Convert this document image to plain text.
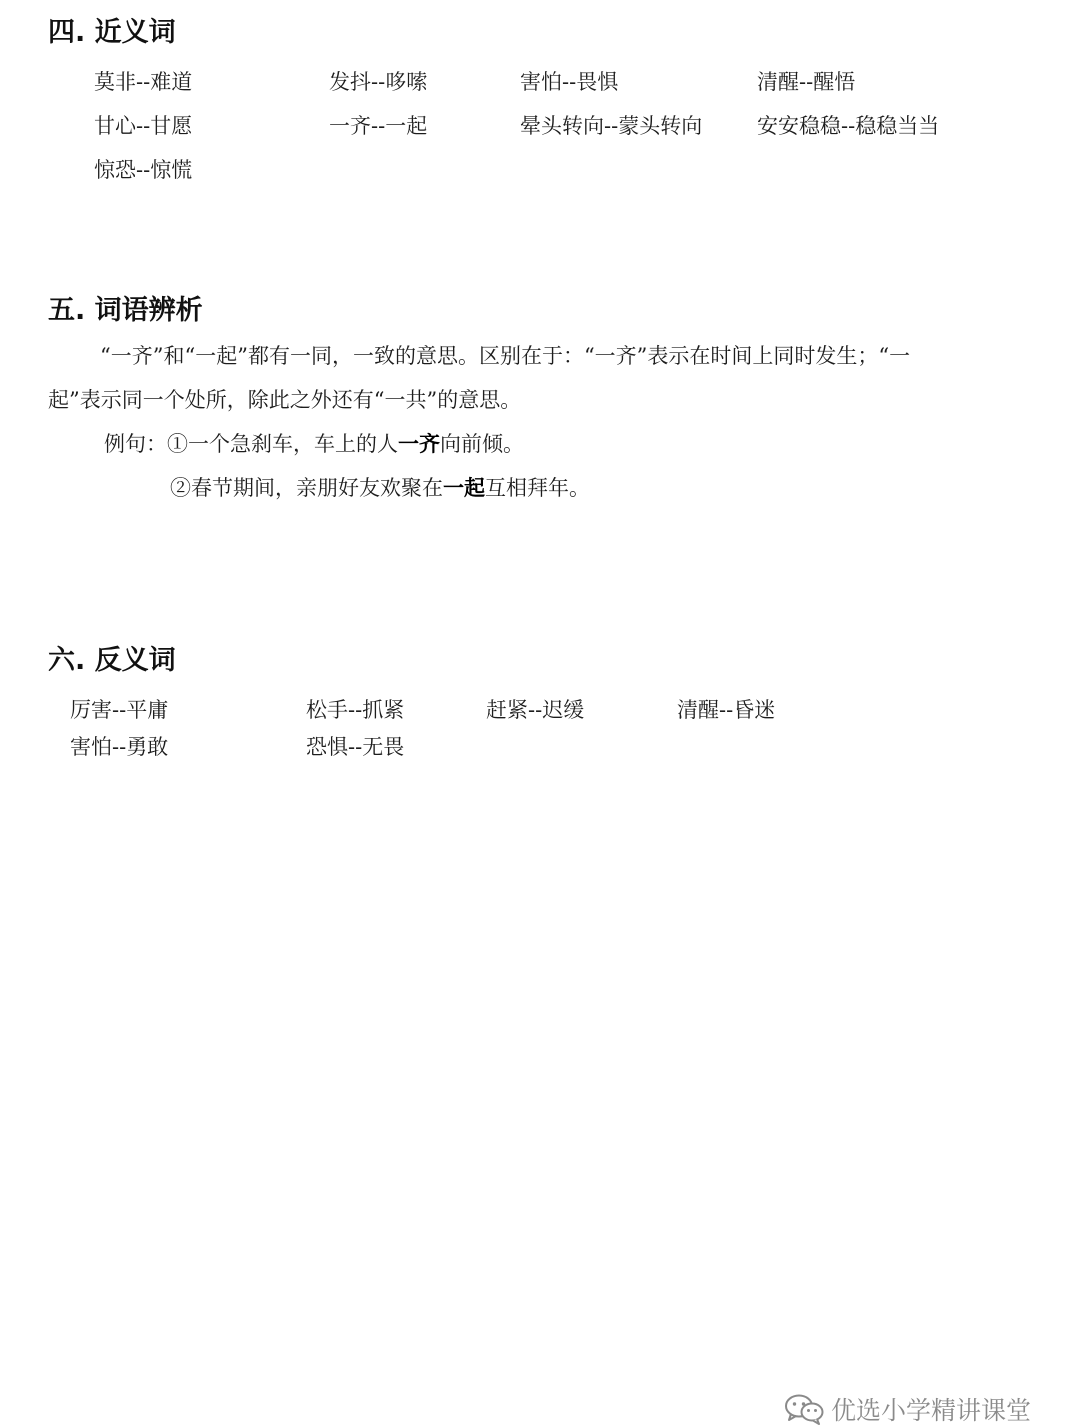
四. 近义词
莫非--难道	发抖--哆嗦	害怕--畏惧	清醒--醒悟
甘心--甘愿	一齐--一起	晕头转向--蒙头转向	安安稳稳--稳稳当当
惊恐--惊慌
五. 词语辨析
“一齐”和“一起”都有一同，一致的意思。区别在于：“一齐”表示在时间上同时发生；“一
起”表示同一个处所，除此之外还有“一共”的意思。
例句：①一个急刹车，车上的人一齐向前倾。
②春节期间，亲朋好友欢聚在一起互相拜年。
六. 反义词
厉害--平庸	松手--抓紧	赶紧--迟缓	清醒--昏迷
害怕--勇敢	恐惧--无畏
优选小学精讲课堂
